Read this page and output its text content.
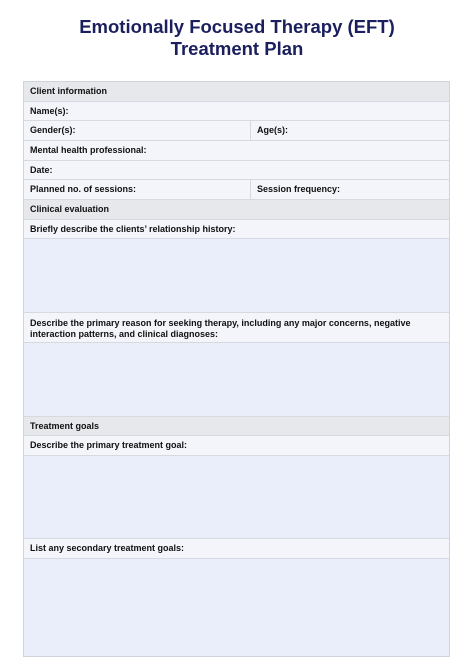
Emotionally Focused Therapy (EFT)
Treatment Plan
Client information
Name(s):
Gender(s):	Age(s):
Mental health professional:
Date:
Planned no. of sessions:	Session frequency:
Clinical evaluation
Briefly describe the clients’ relationship history:
Describe the primary reason for seeking therapy, including any major concerns, negative interaction patterns, and clinical diagnoses:
Treatment goals
Describe the primary treatment goal:
List any secondary treatment goals:
